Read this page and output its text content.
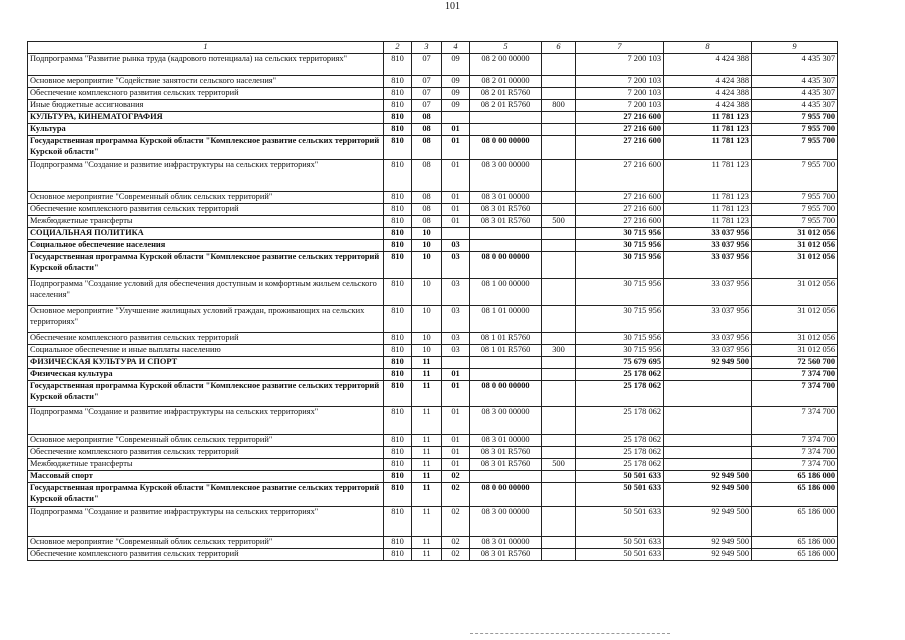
101
1	2	3	4	5	6	7	8	9
Подпрограмма "Развитие рынка труда (кадрового потенциала) на сельских территориях"	810	07	09	08 2 00 00000		7 200 103	4 424 388	4 435 307
Основное мероприятие "Содействие занятости сельского населения"	810	07	09	08 2 01 00000		7 200 103	4 424 388	4 435 307
Обеспечение комплексного развития сельских территорий	810	07	09	08 2 01 R5760		7 200 103	4 424 388	4 435 307
Иные бюджетные ассигнования	810	07	09	08 2 01 R5760	800	7 200 103	4 424 388	4 435 307
КУЛЬТУРА, КИНЕМАТОГРАФИЯ	810	08				27 216 600	11 781 123	7 955 700
Культура	810	08	01			27 216 600	11 781 123	7 955 700
Государственная программа Курской области "Комплексное развитие сельских территорий Курской области"	810	08	01	08 0 00 00000		27 216 600	11 781 123	7 955 700
Подпрограмма "Создание и развитие инфраструктуры на сельских территориях"	810	08	01	08 3 00 00000		27 216 600	11 781 123	7 955 700
Основное мероприятие "Современный облик сельских территорий"	810	08	01	08 3 01 00000		27 216 600	11 781 123	7 955 700
Обеспечение комплексного развития сельских территорий	810	08	01	08 3 01 R5760		27 216 600	11 781 123	7 955 700
Межбюджетные трансферты	810	08	01	08 3 01 R5760	500	27 216 600	11 781 123	7 955 700
СОЦИАЛЬНАЯ ПОЛИТИКА	810	10				30 715 956	33 037 956	31 012 056
Социальное обеспечение населения	810	10	03			30 715 956	33 037 956	31 012 056
Государственная программа Курской области "Комплексное развитие сельских территорий Курской области"	810	10	03	08 0 00 00000		30 715 956	33 037 956	31 012 056
Подпрограмма "Создание условий для обеспечения доступным и комфортным жильем сельского населения"	810	10	03	08 1 00 00000		30 715 956	33 037 956	31 012 056
Основное мероприятие "Улучшение жилищных условий граждан, проживающих на сельских территориях"	810	10	03	08 1 01 00000		30 715 956	33 037 956	31 012 056
Обеспечение комплексного развития сельских территорий	810	10	03	08 1 01 R5760		30 715 956	33 037 956	31 012 056
Социальное обеспечение и иные выплаты населению	810	10	03	08 1 01 R5760	300	30 715 956	33 037 956	31 012 056
ФИЗИЧЕСКАЯ КУЛЬТУРА И СПОРТ	810	11				75 679 695	92 949 500	72 560 700
Физическая культура	810	11	01			25 178 062		7 374 700
Государственная программа Курской области "Комплексное развитие сельских территорий Курской области"	810	11	01	08 0 00 00000		25 178 062		7 374 700
Подпрограмма "Создание и развитие инфраструктуры на сельских территориях"	810	11	01	08 3 00 00000		25 178 062		7 374 700
Основное мероприятие "Современный облик сельских территорий"	810	11	01	08 3 01 00000		25 178 062		7 374 700
Обеспечение комплексного развития сельских территорий	810	11	01	08 3 01 R5760		25 178 062		7 374 700
Межбюджетные трансферты	810	11	01	08 3 01 R5760	500	25 178 062		7 374 700
Массовый спорт	810	11	02			50 501 633	92 949 500	65 186 000
Государственная программа Курской области "Комплексное развитие сельских территорий Курской области"	810	11	02	08 0 00 00000		50 501 633	92 949 500	65 186 000
Подпрограмма "Создание и развитие инфраструктуры на сельских территориях"	810	11	02	08 3 00 00000		50 501 633	92 949 500	65 186 000
Основное мероприятие "Современный облик сельских территорий"	810	11	02	08 3 01 00000		50 501 633	92 949 500	65 186 000
Обеспечение комплексного развития сельских территорий	810	11	02	08 3 01 R5760		50 501 633	92 949 500	65 186 000
